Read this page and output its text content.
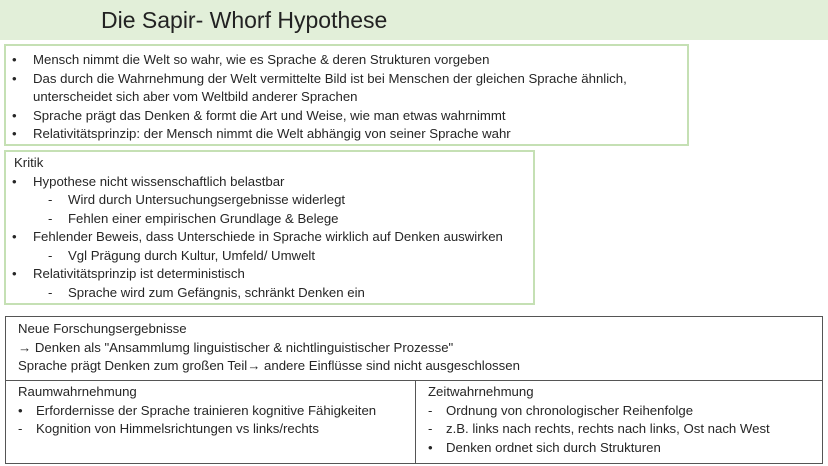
Die Sapir- Whorf Hypothese
• Mensch nimmt die Welt so wahr, wie es Sprache & deren Strukturen vorgeben
• Das durch die Wahrnehmung der Welt vermittelte Bild ist bei Menschen der gleichen Sprache ähnlich, unterscheidet sich aber vom Weltbild anderer Sprachen
• Sprache prägt das Denken & formt die Art und Weise, wie man etwas wahrnimmt
• Relativitätsprinzip: der Mensch nimmt die Welt abhängig von seiner Sprache wahr
Kritik
• Hypothese nicht wissenschaftlich belastbar
- Wird durch Untersuchungsergebnisse widerlegt
- Fehlen einer empirischen Grundlage & Belege
• Fehlender Beweis, dass Unterschiede in Sprache wirklich auf Denken auswirken
- Vgl Prägung durch Kultur, Umfeld/ Umwelt
• Relativitätsprinzip ist deterministisch
- Sprache wird zum Gefängnis, schränkt Denken ein
Neue Forschungsergebnisse
→ Denken als "Ansammlumg linguistischer & nichtlinguistischer Prozesse"
Sprache prägt Denken zum großen Teil→ andere Einflüsse sind nicht ausgeschlossen
Raumwahrnehmung
• Erfordernisse der Sprache trainieren kognitive Fähigkeiten
- Kognition von Himmelsrichtungen vs links/rechts
Zeitwahrnehmung
- Ordnung von chronologischer Reihenfolge
- z.B. links nach rechts, rechts nach links, Ost nach West
• Denken ordnet sich durch Strukturen
